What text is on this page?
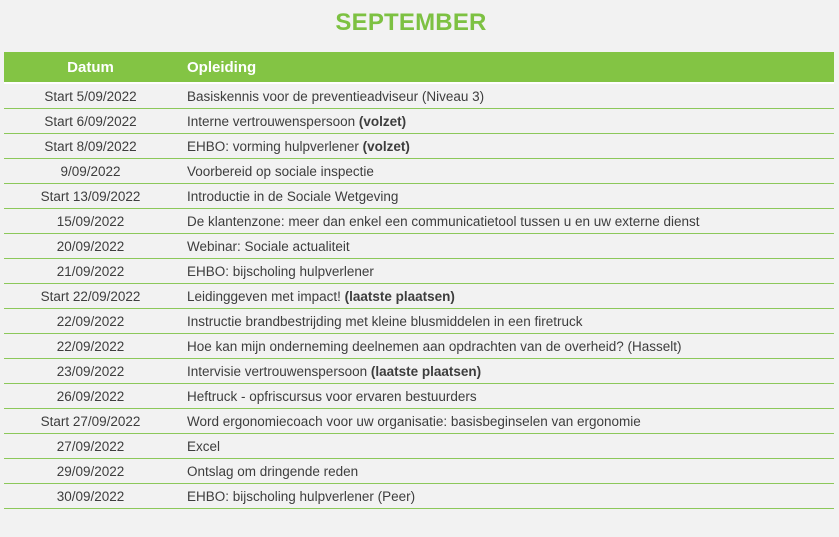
SEPTEMBER
Datum	Opleiding
Start 5/09/2022	Basiskennis voor de preventieadviseur (Niveau 3)
Start 6/09/2022	Interne vertrouwenspersoon (volzet)
Start 8/09/2022	EHBO: vorming hulpverlener (volzet)
9/09/2022	Voorbereid op sociale inspectie
Start 13/09/2022	Introductie in de Sociale Wetgeving
15/09/2022	De klantenzone: meer dan enkel een communicatietool tussen u en uw externe dienst
20/09/2022	Webinar: Sociale actualiteit
21/09/2022	EHBO: bijscholing hulpverlener
Start 22/09/2022	Leidinggeven met impact! (laatste plaatsen)
22/09/2022	Instructie brandbestrijding met kleine blusmiddelen in een firetruck
22/09/2022	Hoe kan mijn onderneming deelnemen aan opdrachten van de overheid? (Hasselt)
23/09/2022	Intervisie vertrouwenspersoon (laatste plaatsen)
26/09/2022	Heftruck - opfriscursus voor ervaren bestuurders
Start 27/09/2022	Word ergonomiecoach voor uw organisatie: basisbeginselen van ergonomie
27/09/2022	Excel
29/09/2022	Ontslag om dringende reden
30/09/2022	EHBO: bijscholing hulpverlener (Peer)
